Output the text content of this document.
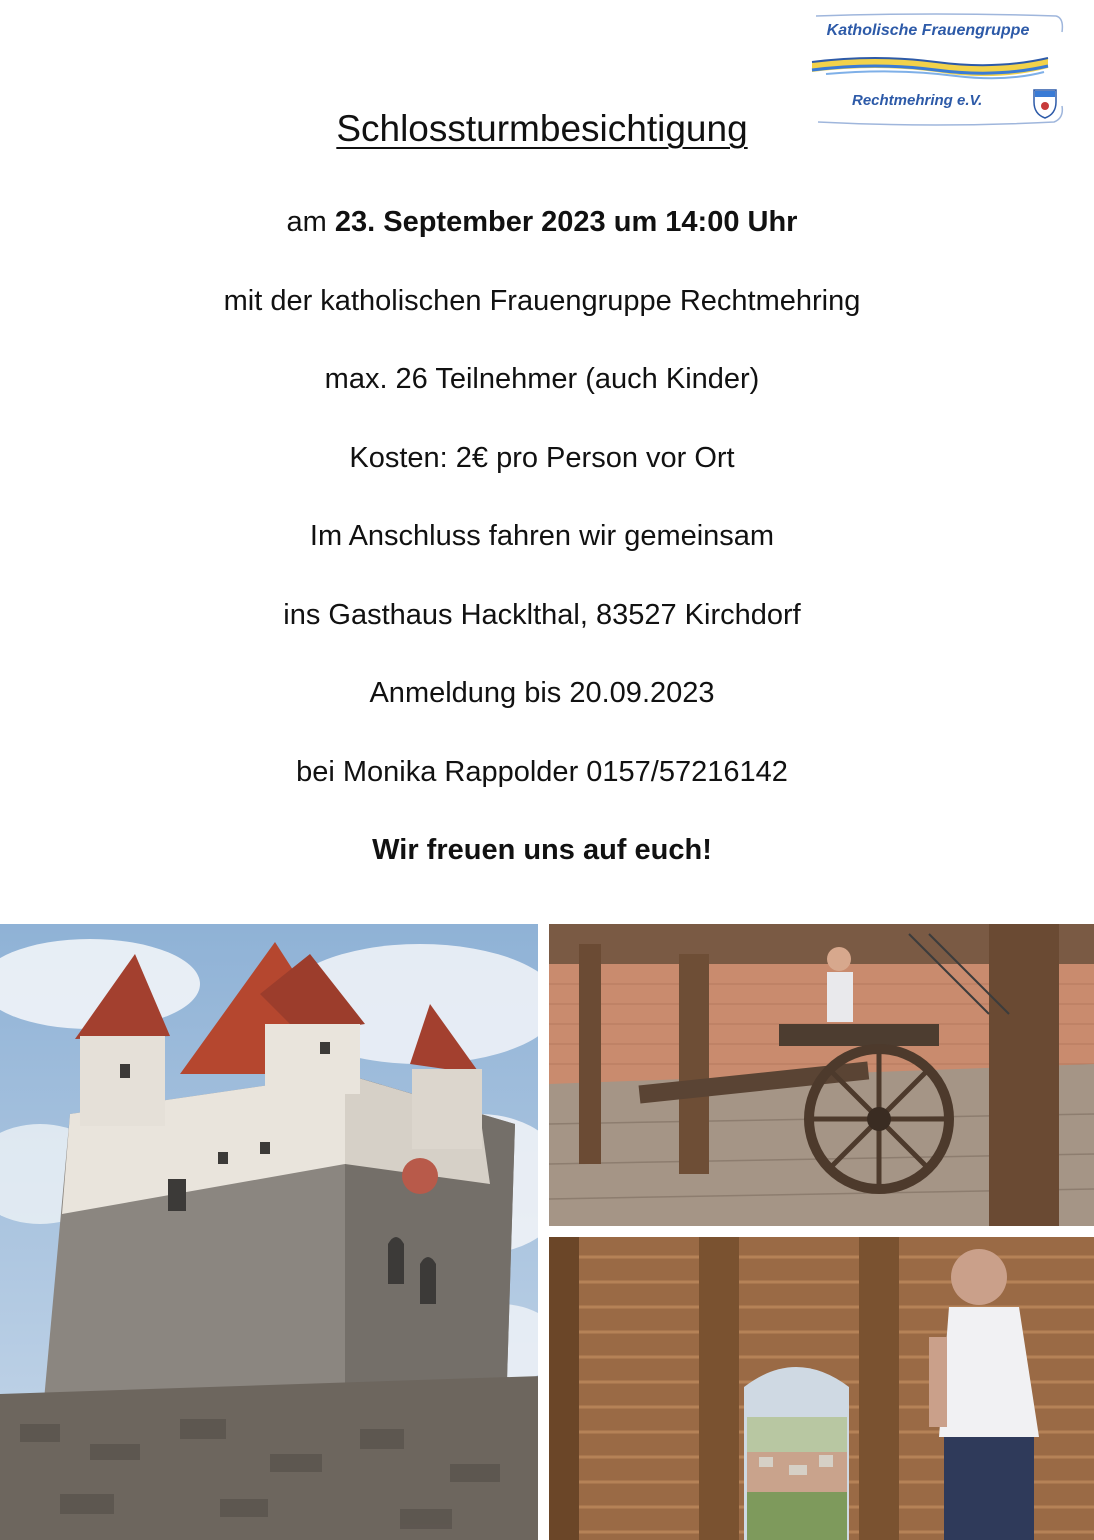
Katholische Frauengruppe
Rechtmehring e.V.
Schlossturmbesichtigung
am 23. September 2023 um 14:00 Uhr
mit der katholischen Frauengruppe Rechtmehring
max. 26 Teilnehmer (auch Kinder)
Kosten: 2€ pro Person vor Ort
Im Anschluss fahren wir gemeinsam
ins Gasthaus Hacklthal, 83527 Kirchdorf
Anmeldung bis 20.09.2023
bei Monika Rappolder 0157/57216142
Wir freuen uns auf euch!
